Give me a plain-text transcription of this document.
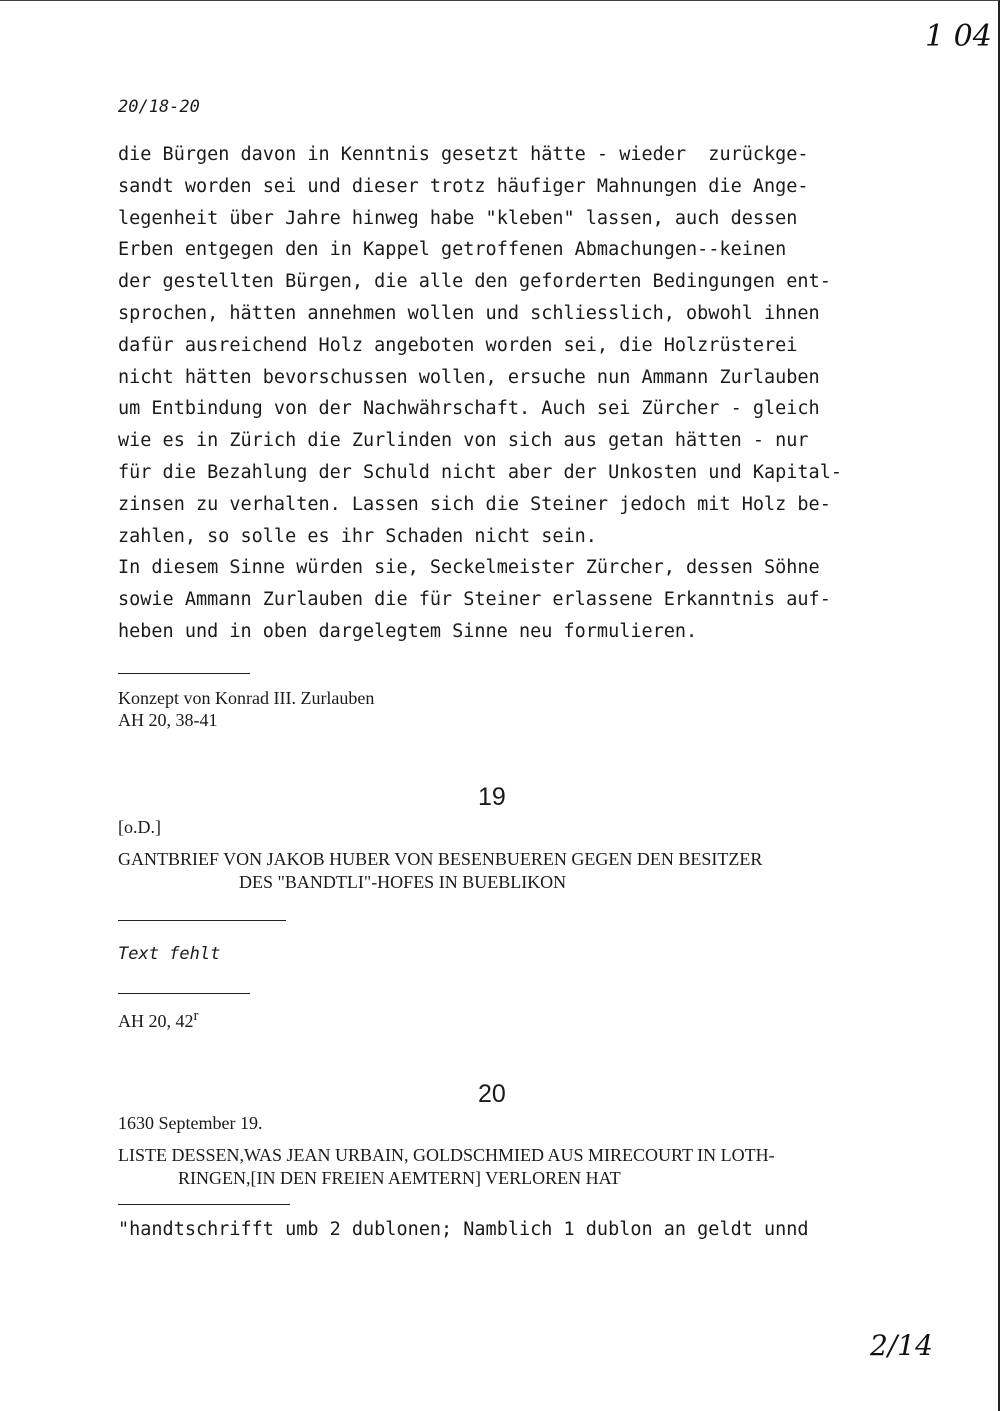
1 04
20/18-20
die Bürgen davon in Kenntnis gesetzt hätte - wieder  zurückge-
sandt worden sei und dieser trotz häufiger Mahnungen die Ange-
legenheit über Jahre hinweg habe "kleben" lassen, auch dessen
Erben entgegen den in Kappel getroffenen Abmachungen--keinen
der gestellten Bürgen, die alle den geforderten Bedingungen ent-
sprochen, hätten annehmen wollen und schliesslich, obwohl ihnen
dafür ausreichend Holz angeboten worden sei, die Holzrüsterei
nicht hätten bevorschussen wollen, ersuche nun Ammann Zurlauben
um Entbindung von der Nachwährschaft. Auch sei Zürcher - gleich
wie es in Zürich die Zurlinden von sich aus getan hätten - nur
für die Bezahlung der Schuld nicht aber der Unkosten und Kapital-
zinsen zu verhalten. Lassen sich die Steiner jedoch mit Holz be-
zahlen, so solle es ihr Schaden nicht sein.
In diesem Sinne würden sie, Seckelmeister Zürcher, dessen Söhne
sowie Ammann Zurlauben die für Steiner erlassene Erkanntnis auf-
heben und in oben dargelegtem Sinne neu formulieren.
Konzept von Konrad III. Zurlauben
AH 20, 38-41
19
[o.D.]
GANTBRIEF VON JAKOB HUBER VON BESENBUEREN GEGEN DEN BESITZER
DES "BANDTLI"-HOFES IN BUEBLIKON
Text fehlt
AH 20, 42$^r$
20
1630 September 19.
LISTE DESSEN,WAS JEAN URBAIN, GOLDSCHMIED AUS MIRECOURT IN LOTH-
RINGEN,[IN DEN FREIEN AEMTERN] VERLOREN HAT
"handtschrifft umb 2 dublonen; Namblich 1 dublon an geldt unnd
2/14
